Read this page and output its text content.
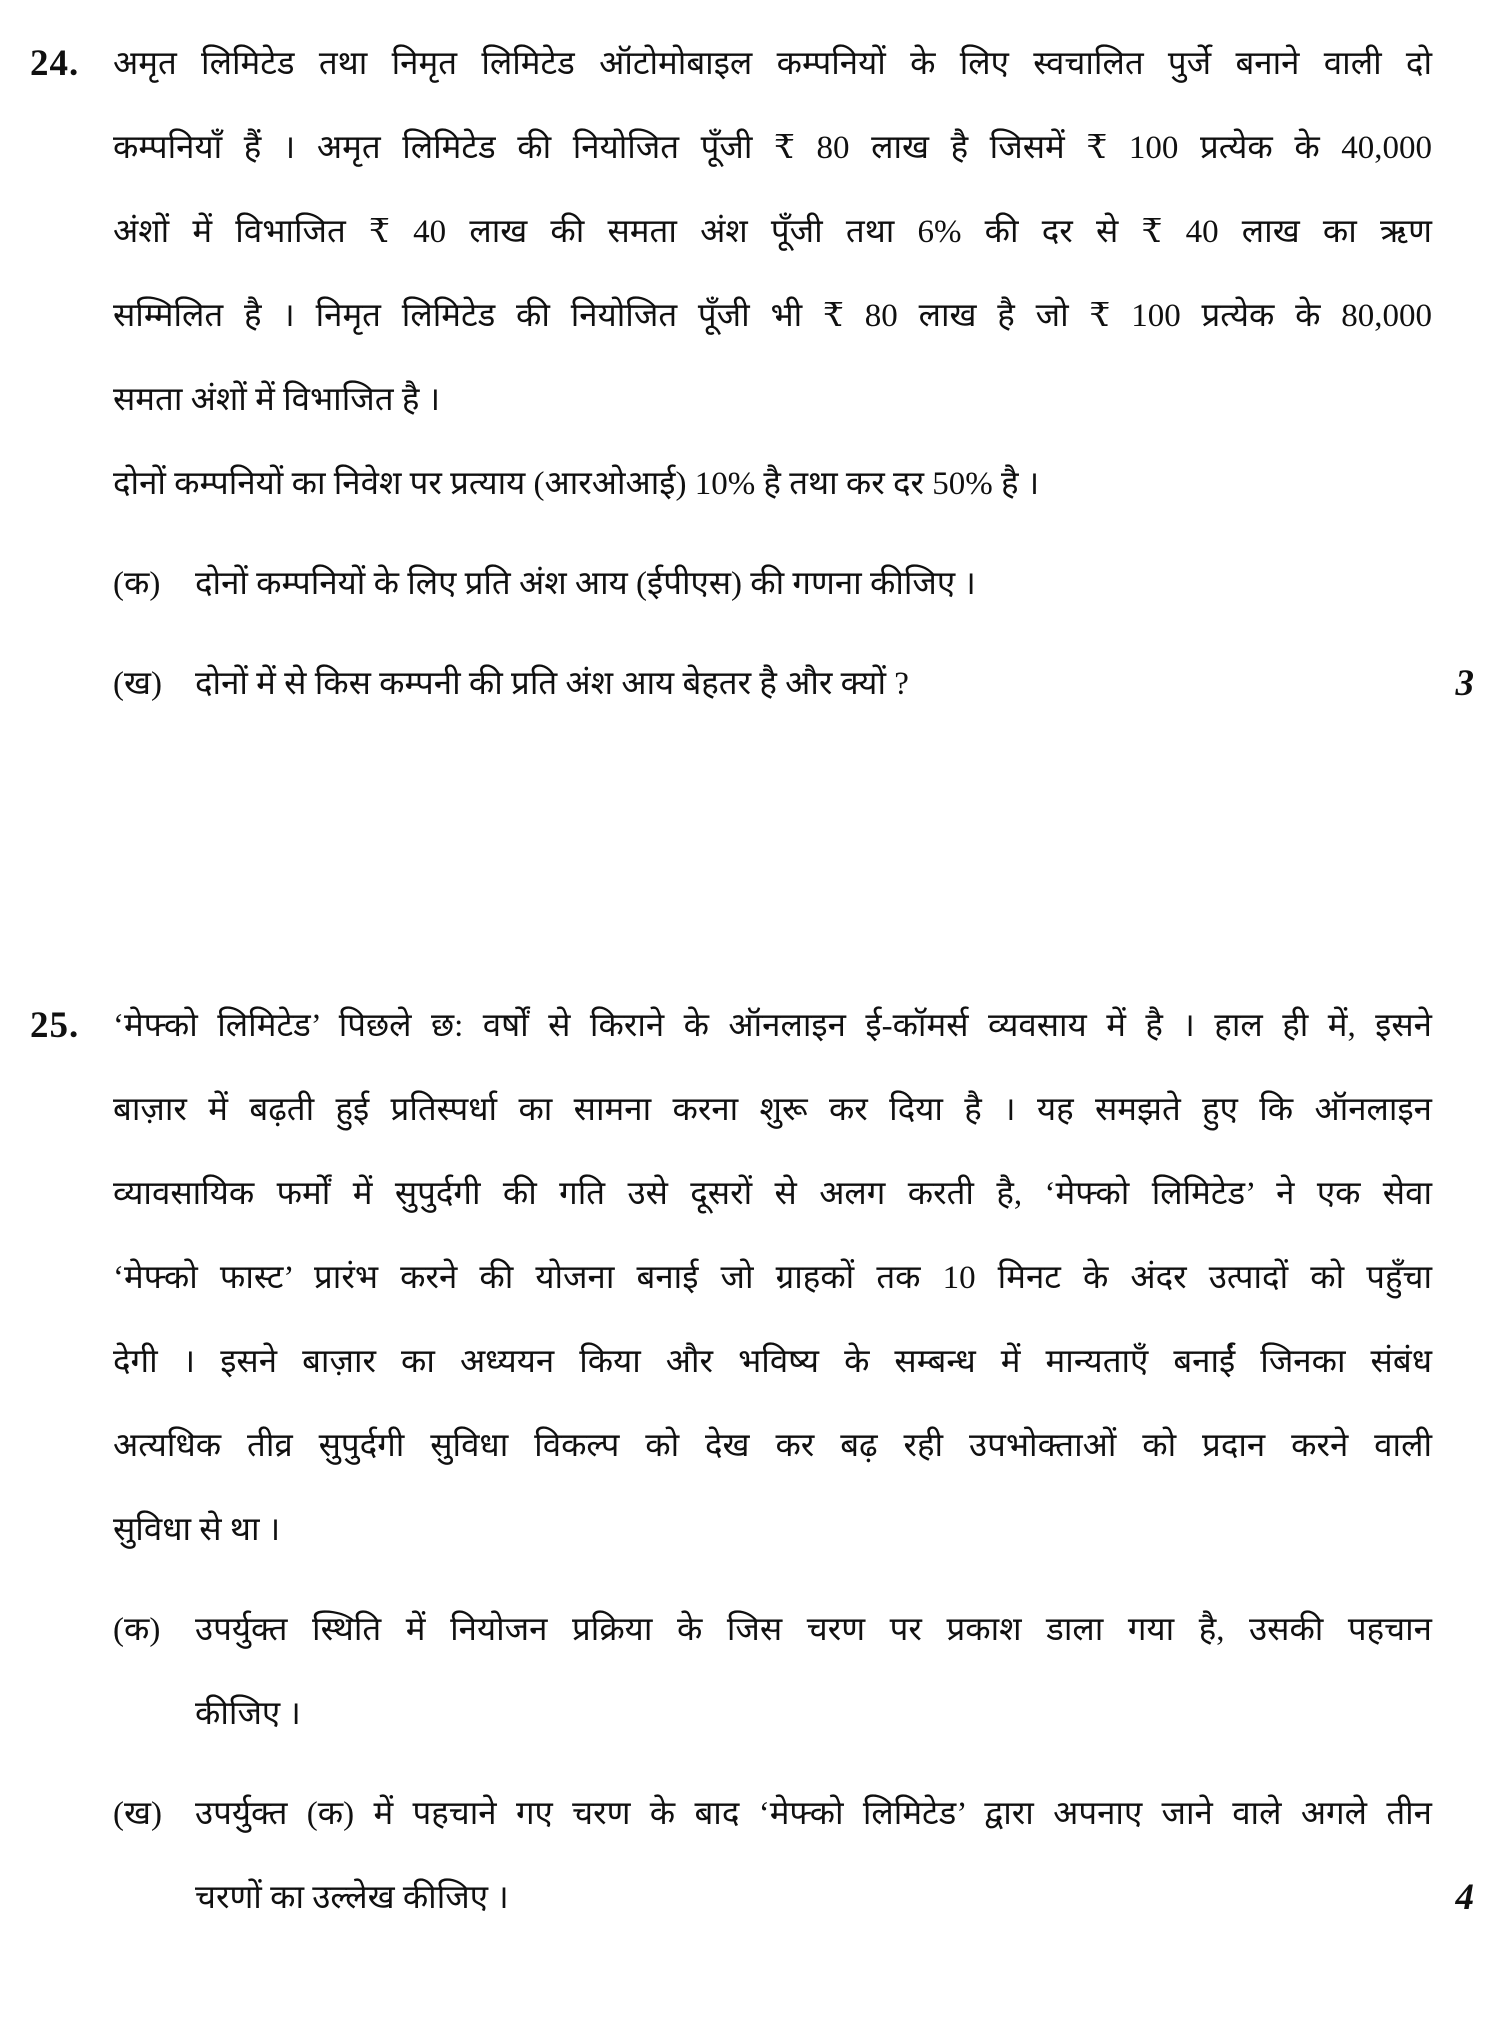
24.	अमृत लिमिटेड तथा निमृत लिमिटेड ऑटोमोबाइल कम्पनियों के लिए स्वचालित पुर्जे बनाने वाली दो
कम्पनियाँ हैं । अमृत लिमिटेड की नियोजित पूँजी ₹ 80 लाख है जिसमें ₹ 100 प्रत्येक के 40,000
अंशों में विभाजित ₹ 40 लाख की समता अंश पूँजी तथा 6% की दर से ₹ 40 लाख का ऋण
सम्मिलित है । निमृत लिमिटेड की नियोजित पूँजी भी ₹ 80 लाख है जो ₹ 100 प्रत्येक के 80,000
समता अंशों में विभाजित है ।
दोनों कम्पनियों का निवेश पर प्रत्याय (आरओआई) 10% है तथा कर दर 50% है ।
(क)	दोनों कम्पनियों के लिए प्रति अंश आय (ईपीएस) की गणना कीजिए ।
(ख)	दोनों में से किस कम्पनी की प्रति अंश आय बेहतर है और क्यों ?	3
25.	‘मेफ्को लिमिटेड’ पिछले छ: वर्षों से किराने के ऑनलाइन ई-कॉमर्स व्यवसाय में है । हाल ही में, इसने
बाज़ार में बढ़ती हुई प्रतिस्पर्धा का सामना करना शुरू कर दिया है । यह समझते हुए कि ऑनलाइन
व्यावसायिक फर्मों में सुपुर्दगी की गति उसे दूसरों से अलग करती है, ‘मेफ्को लिमिटेड’ ने एक सेवा
‘मेफ्को फास्ट’ प्रारंभ करने की योजना बनाई जो ग्राहकों तक 10 मिनट के अंदर उत्पादों को पहुँचा
देगी । इसने बाज़ार का अध्ययन किया और भविष्य के सम्बन्ध में मान्यताएँ बनाईं जिनका संबंध
अत्यधिक तीव्र सुपुर्दगी सुविधा विकल्प को देख कर बढ़ रही उपभोक्ताओं को प्रदान करने वाली
सुविधा से था ।
(क)	उपर्युक्त स्थिति में नियोजन प्रक्रिया के जिस चरण पर प्रकाश डाला गया है, उसकी पहचान
कीजिए ।
(ख)	उपर्युक्त (क) में पहचाने गए चरण के बाद ‘मेफ्को लिमिटेड’ द्वारा अपनाए जाने वाले अगले तीन
चरणों का उल्लेख कीजिए ।	4
